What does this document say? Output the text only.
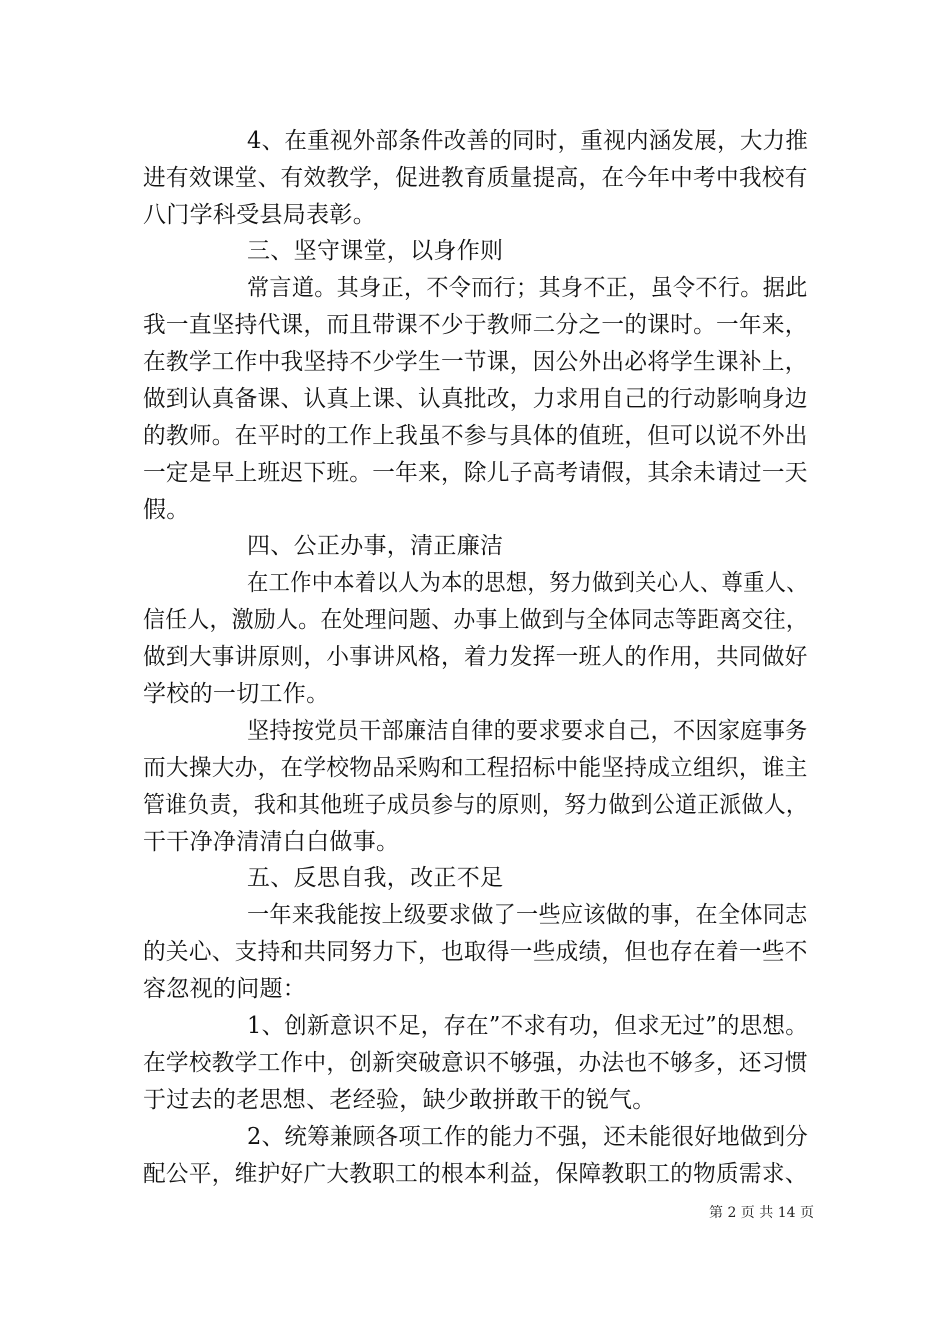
4、在重视外部条件改善的同时，重视内涵发展，大力推
进有效课堂、有效教学，促进教育质量提高，在今年中考中我校有
八门学科受县局表彰。
三、坚守课堂，以身作则
常言道。其身正，不令而行；其身不正，虽令不行。据此
我一直坚持代课，而且带课不少于教师二分之一的课时。一年来，
在教学工作中我坚持不少学生一节课，因公外出必将学生课补上，
做到认真备课、认真上课、认真批改，力求用自己的行动影响身边
的教师。在平时的工作上我虽不参与具体的值班，但可以说不外出
一定是早上班迟下班。一年来，除儿子高考请假，其余未请过一天
假。
四、公正办事，清正廉洁
在工作中本着以人为本的思想，努力做到关心人、尊重人、
信任人，激励人。在处理问题、办事上做到与全体同志等距离交往，
做到大事讲原则，小事讲风格，着力发挥一班人的作用，共同做好
学校的一切工作。
坚持按党员干部廉洁自律的要求要求自己，不因家庭事务
而大操大办，在学校物品采购和工程招标中能坚持成立组织，谁主
管谁负责，我和其他班子成员参与的原则，努力做到公道正派做人，
干干净净清清白白做事。
五、反思自我，改正不足
一年来我能按上级要求做了一些应该做的事，在全体同志
的关心、支持和共同努力下，也取得一些成绩，但也存在着一些不
容忽视的问题：
1、创新意识不足，存在”不求有功，但求无过”的思想。
在学校教学工作中，创新突破意识不够强，办法也不够多，还习惯
于过去的老思想、老经验，缺少敢拼敢干的锐气。
2、统筹兼顾各项工作的能力不强，还未能很好地做到分
配公平，维护好广大教职工的根本利益，保障教职工的物质需求、
第 2 页 共 14 页
